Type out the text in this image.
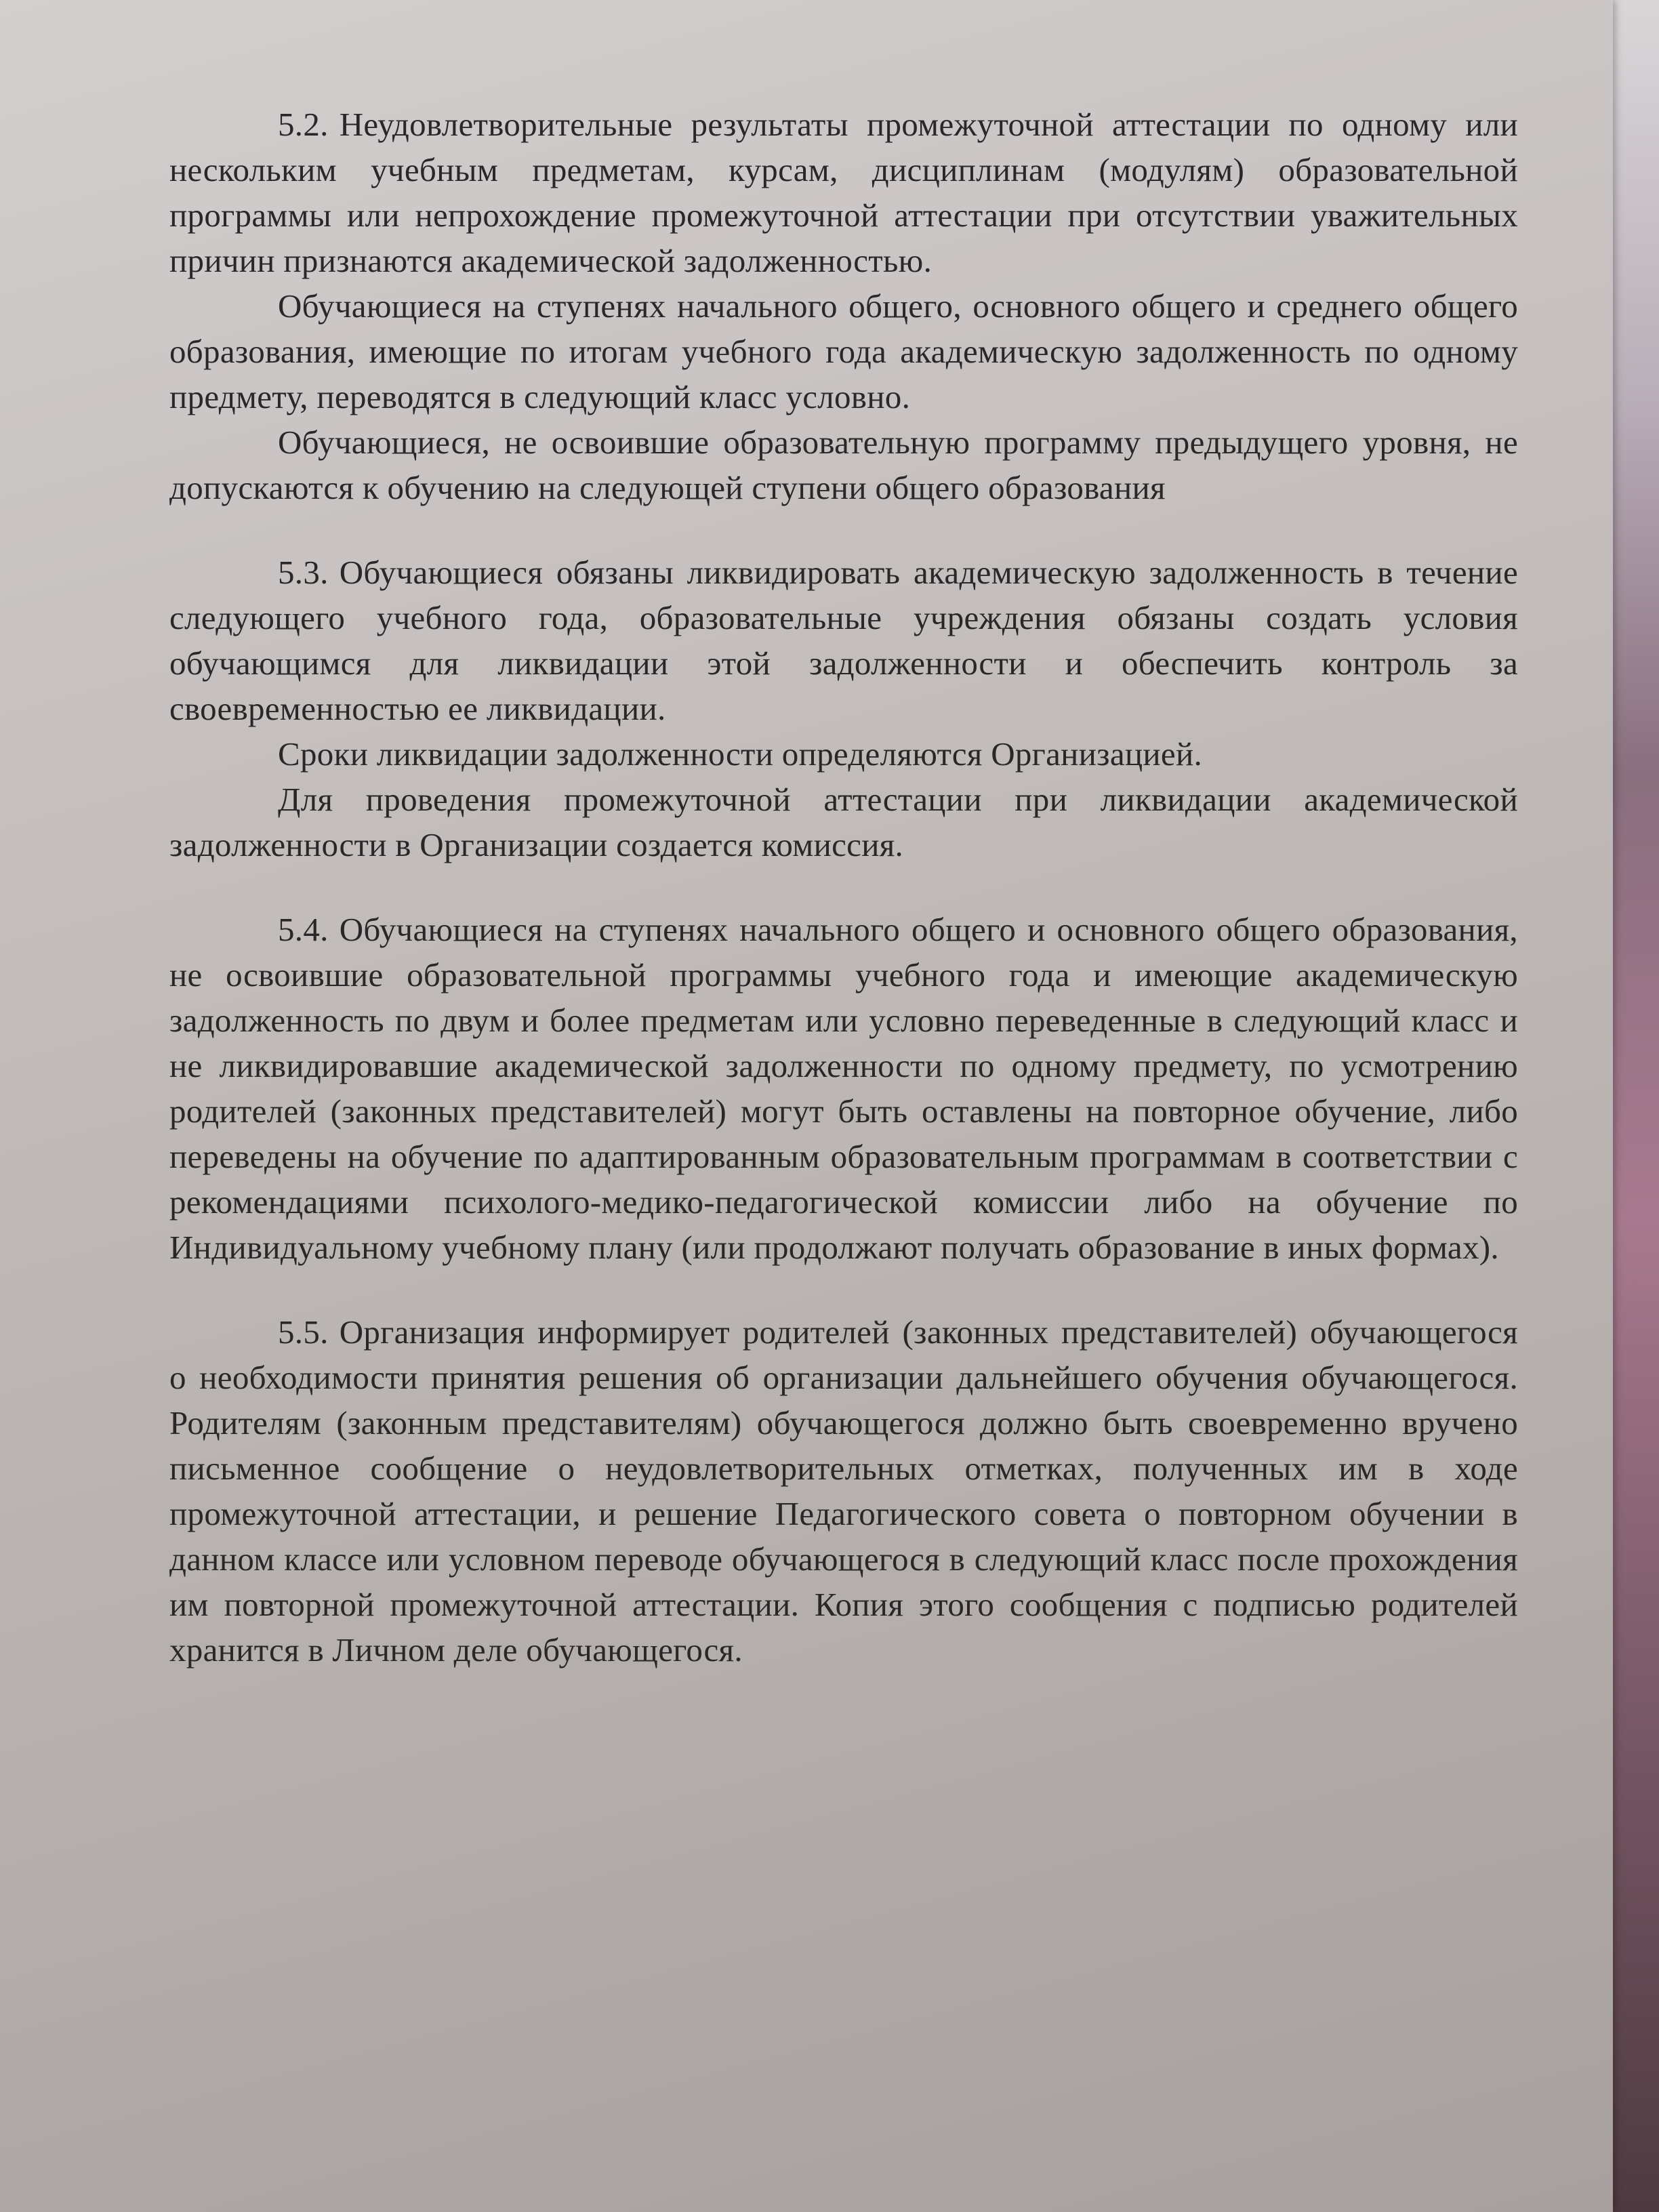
5.2. Неудовлетворительные результаты промежуточной аттестации по одному или нескольким учебным предметам, курсам, дисциплинам (модулям) образовательной программы или непрохождение промежуточной аттестации при отсутствии уважительных причин признаются академической задолженностью.

Обучающиеся на ступенях начального общего, основного общего и среднего общего образования, имеющие по итогам учебного года академическую задолженность по одному предмету, переводятся в следующий класс условно.

Обучающиеся, не освоившие образовательную программу предыдущего уровня, не допускаются к обучению на следующей ступени общего образования

5.3. Обучающиеся обязаны ликвидировать академическую задолженность в течение следующего учебного года, образовательные учреждения обязаны создать условия обучающимся для ликвидации этой задолженности и обеспечить контроль за своевременностью ее ликвидации.

Сроки ликвидации задолженности определяются Организацией.

Для проведения промежуточной аттестации при ликвидации академической задолженности в Организации создается комиссия.

5.4. Обучающиеся на ступенях начального общего и основного общего образования, не освоившие образовательной программы учебного года и имеющие академическую задолженность по двум и более предметам или условно переведенные в следующий класс и не ликвидировавшие академической задолженности по одному предмету, по усмотрению родителей (законных представителей) могут быть оставлены на повторное обучение, либо переведены на обучение по адаптированным образовательным программам в соответствии с рекомендациями психолого-медико-педагогической комиссии либо на обучение по Индивидуальному учебному плану (или продолжают получать образование в иных формах).

5.5. Организация информирует родителей (законных представителей) обучающегося о необходимости принятия решения об организации дальнейшего обучения обучающегося. Родителям (законным представителям) обучающегося должно быть своевременно вручено письменное сообщение о неудовлетворительных отметках, полученных им в ходе промежуточной аттестации, и решение Педагогического совета о повторном обучении в данном классе или условном переводе обучающегося в следующий класс после прохождения им повторной промежуточной аттестации. Копия этого сообщения с подписью родителей хранится в Личном деле обучающегося.
